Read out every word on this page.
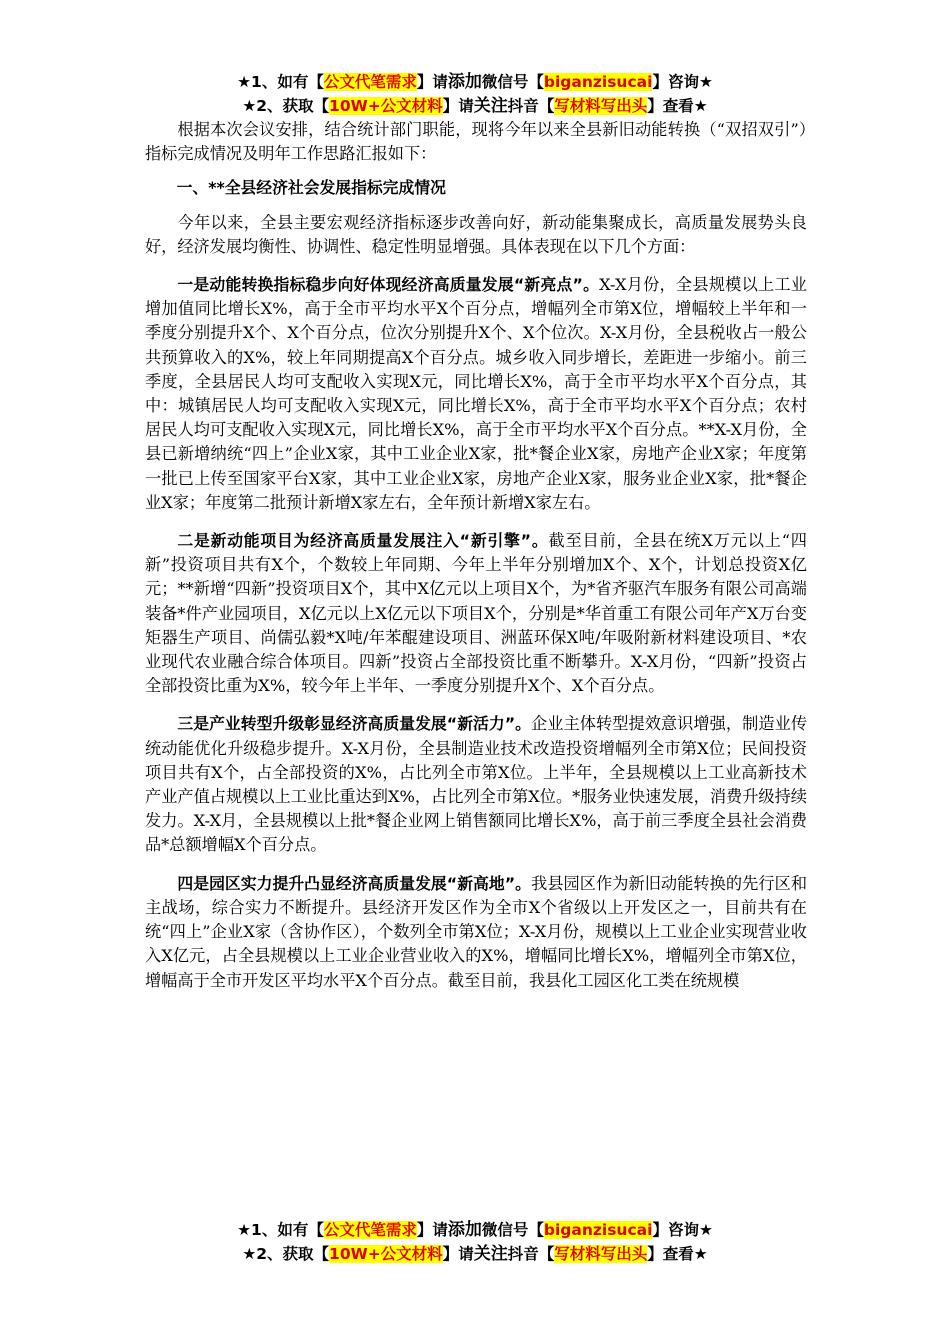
★1、如有【公文代笔需求】请添加微信号【biganzisucai】咨询★
★2、获取【10W+公文材料】请关注抖音【写材料写出头】查看★

根据本次会议安排，结合统计部门职能，现将今年以来全县新旧动能转换（“双招双引”）指标完成情况及明年工作思路汇报如下：

一、**全县经济社会发展指标完成情况

今年以来，全县主要宏观经济指标逐步改善向好，新动能集聚成长，高质量发展势头良好，经济发展均衡性、协调性、稳定性明显增强。具体表现在以下几个方面：

一是动能转换指标稳步向好体现经济高质量发展“新亮点”。X-X月份，全县规模以上工业增加值同比增长X%，高于全市平均水平X个百分点，增幅列全市第X位，增幅较上半年和一季度分别提升X个、X个百分点，位次分别提升X个、X个位次。X-X月份，全县税收占一般公共预算收入的X%，较上年同期提高X个百分点。城乡收入同步增长，差距进一步缩小。前三季度，全县居民人均可支配收入实现X元，同比增长X%，高于全市平均水平X个百分点，其中：城镇居民人均可支配收入实现X元，同比增长X%，高于全市平均水平X个百分点；农村居民人均可支配收入实现X元，同比增长X%，高于全市平均水平X个百分点。**X-X月份，全县已新增纳统“四上”企业X家，其中工业企业X家，批*餐企业X家，房地产企业X家；年度第一批已上传至国家平台X家，其中工业企业X家，房地产企业X家，服务业企业X家，批*餐企业X家；年度第二批预计新增X家左右，全年预计新增X家左右。

二是新动能项目为经济高质量发展注入“新引擎”。截至目前，全县在统X万元以上“四新”投资项目共有X个，个数较上年同期、今年上半年分别增加X个、X个，计划总投资X亿元；**新增“四新”投资项目X个，其中X亿元以上项目X个，为*省齐驱汽车服务有限公司高端装备*件产业园项目，X亿元以上X亿元以下项目X个，分别是*华首重工有限公司年产X万台变矩器生产项目、尚儒弘毅*X吨/年苯醌建设项目、洲蓝环保X吨/年吸附新材料建设项目、*农业现代农业融合综合体项目。四新”投资占全部投资比重不断攀升。X-X月份，“四新”投资占全部投资比重为X%，较今年上半年、一季度分别提升X个、X个百分点。

三是产业转型升级彰显经济高质量发展“新活力”。企业主体转型提效意识增强，制造业传统动能优化升级稳步提升。X-X月份，全县制造业技术改造投资增幅列全市第X位；民间投资项目共有X个，占全部投资的X%，占比列全市第X位。上半年，全县规模以上工业高新技术产业产值占规模以上工业比重达到X%，占比列全市第X位。*服务业快速发展，消费升级持续发力。X-X月，全县规模以上批*餐企业网上销售额同比增长X%，高于前三季度全县社会消费品*总额增幅X个百分点。

四是园区实力提升凸显经济高质量发展“新高地”。我县园区作为新旧动能转换的先行区和主战场，综合实力不断提升。县经济开发区作为全市X个省级以上开发区之一，目前共有在统“四上”企业X家（含协作区），个数列全市第X位；X-X月份，规模以上工业企业实现营业收入X亿元，占全县规模以上工业企业营业收入的X%，增幅同比增长X%，增幅列全市第X位，增幅高于全市开发区平均水平X个百分点。截至目前，我县化工园区化工类在统规模

★1、如有【公文代笔需求】请添加微信号【biganzisucai】咨询★
★2、获取【10W+公文材料】请关注抖音【写材料写出头】查看★
